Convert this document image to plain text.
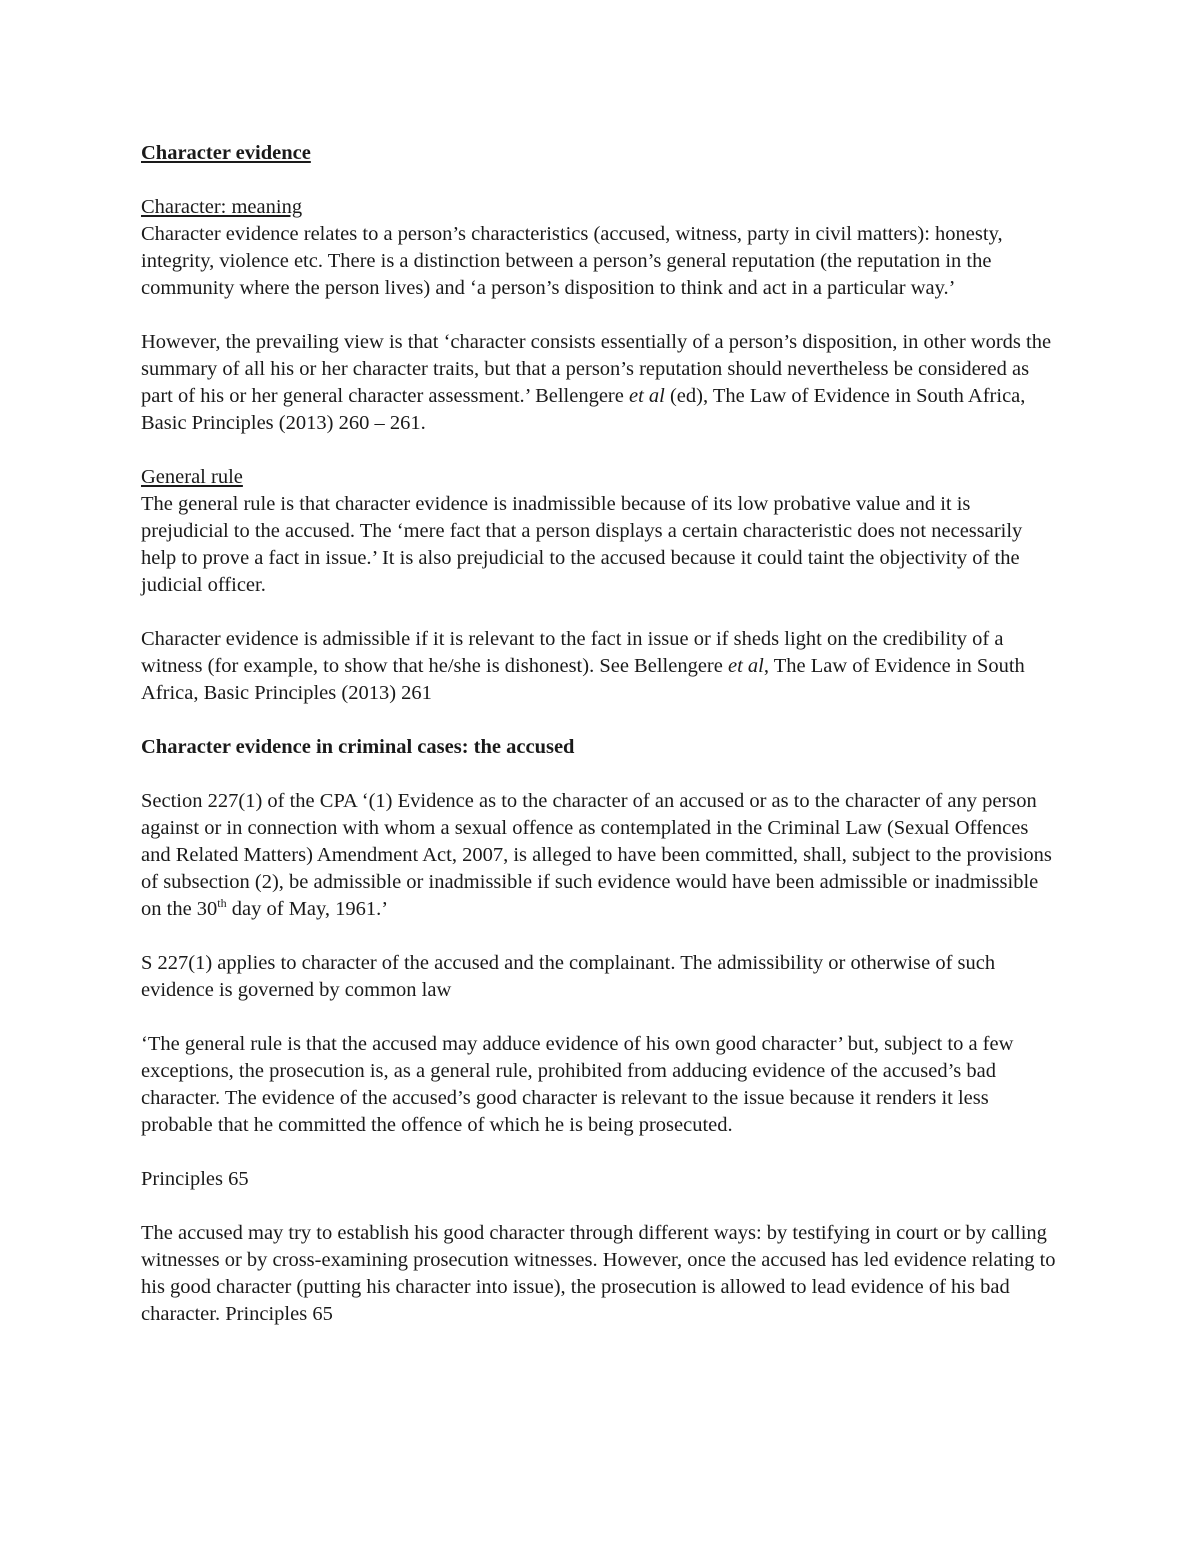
Character evidence
Character: meaning

Character evidence relates to a person’s characteristics (accused, witness, party in civil matters): honesty, integrity, violence etc. There is a distinction between a person’s general reputation (the reputation in the community where the person lives) and ‘a person’s disposition to think and act in a particular way.’

However, the prevailing view is that ‘character consists essentially of a person’s disposition, in other words the summary of all his or her character traits, but that a person’s reputation should nevertheless be considered as part of his or her general character assessment.’ Bellengere et al (ed), The Law of Evidence in South Africa, Basic Principles (2013) 260 – 261.

General rule

The general rule is that character evidence is inadmissible because of its low probative value and it is prejudicial to the accused. The ‘mere fact that a person displays a certain characteristic does not necessarily help to prove a fact in issue.’ It is also prejudicial to the accused because it could taint the objectivity of the judicial officer.

Character evidence is admissible if it is relevant to the fact in issue or if sheds light on the credibility of a witness (for example, to show that he/she is dishonest). See Bellengere et al, The Law of Evidence in South Africa, Basic Principles (2013) 261

Character evidence in criminal cases: the accused

Section 227(1) of the CPA ‘(1) Evidence as to the character of an accused or as to the character of any person against or in connection with whom a sexual offence as contemplated in the Criminal Law (Sexual Offences and Related Matters) Amendment Act, 2007, is alleged to have been committed, shall, subject to the provisions of subsection (2), be admissible or inadmissible if such evidence would have been admissible or inadmissible on the 30th day of May, 1961.’

S 227(1) applies to character of the accused and the complainant. The admissibility or otherwise of such evidence is governed by common law

‘The general rule is that the accused may adduce evidence of his own good character’ but, subject to a few exceptions, the prosecution is, as a general rule, prohibited from adducing evidence of the accused’s bad character. The evidence of the accused’s good character is relevant to the issue because it renders it less probable that he committed the offence of which he is being prosecuted.

Principles 65

The accused may try to establish his good character through different ways: by testifying in court or by calling witnesses or by cross-examining prosecution witnesses. However, once the accused has led evidence relating to his good character (putting his character into issue), the prosecution is allowed to lead evidence of his bad character. Principles 65
